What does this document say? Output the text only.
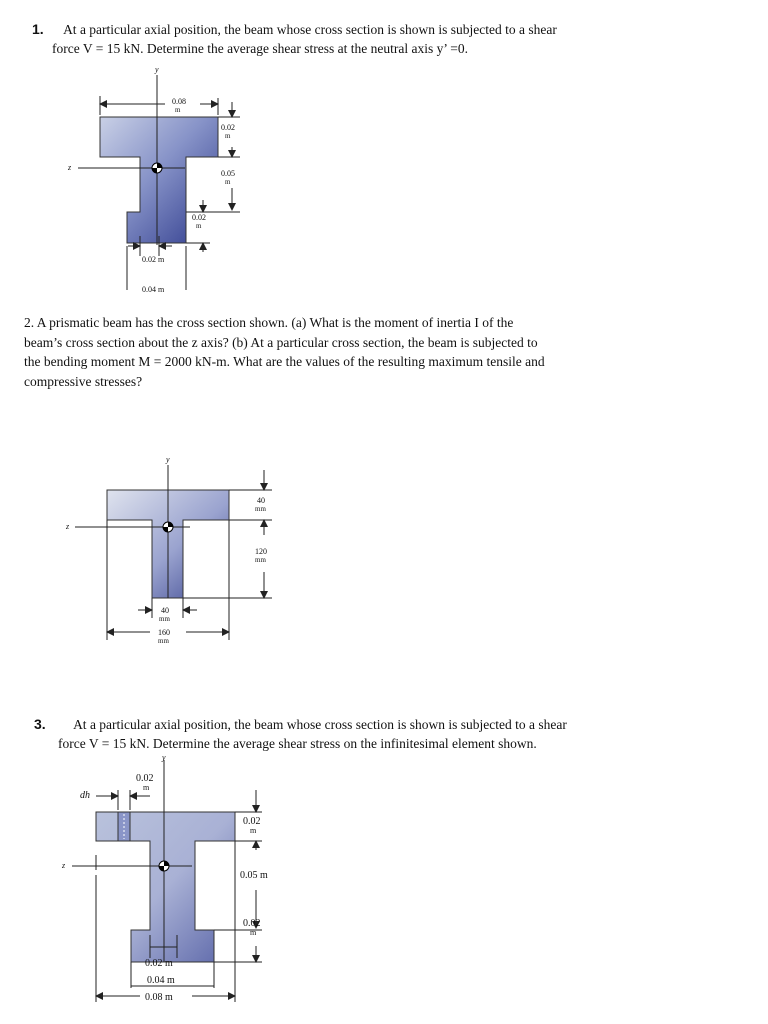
1. At a particular axial position, the beam whose cross section is shown is subjected to a shear
force V = 15 kN. Determine the average shear stress at the neutral axis y’ =0.
2. A prismatic beam has the cross section shown. (a) What is the moment of inertia I of the
beam’s cross section about the z axis? (b) At a particular cross section, the beam is subjected to
the bending moment M = 2000 kN-m. What are the values of the resulting maximum tensile and
compressive stresses?
3. At a particular axial position, the beam whose cross section is shown is subjected to a shear
force V = 15 kN. Determine the average shear stress on the infinitesimal element shown.
y
z
0.08
m
0.02
m
0.05
m
0.02
m
0.02 m
0.04 m
y
z
40
mm
120
mm
40
mm
160
mm
y
z
dh
0.02
m
0.02
m
0.05 m
0.02
m
0.02 m
0.04 m
0.08 m
